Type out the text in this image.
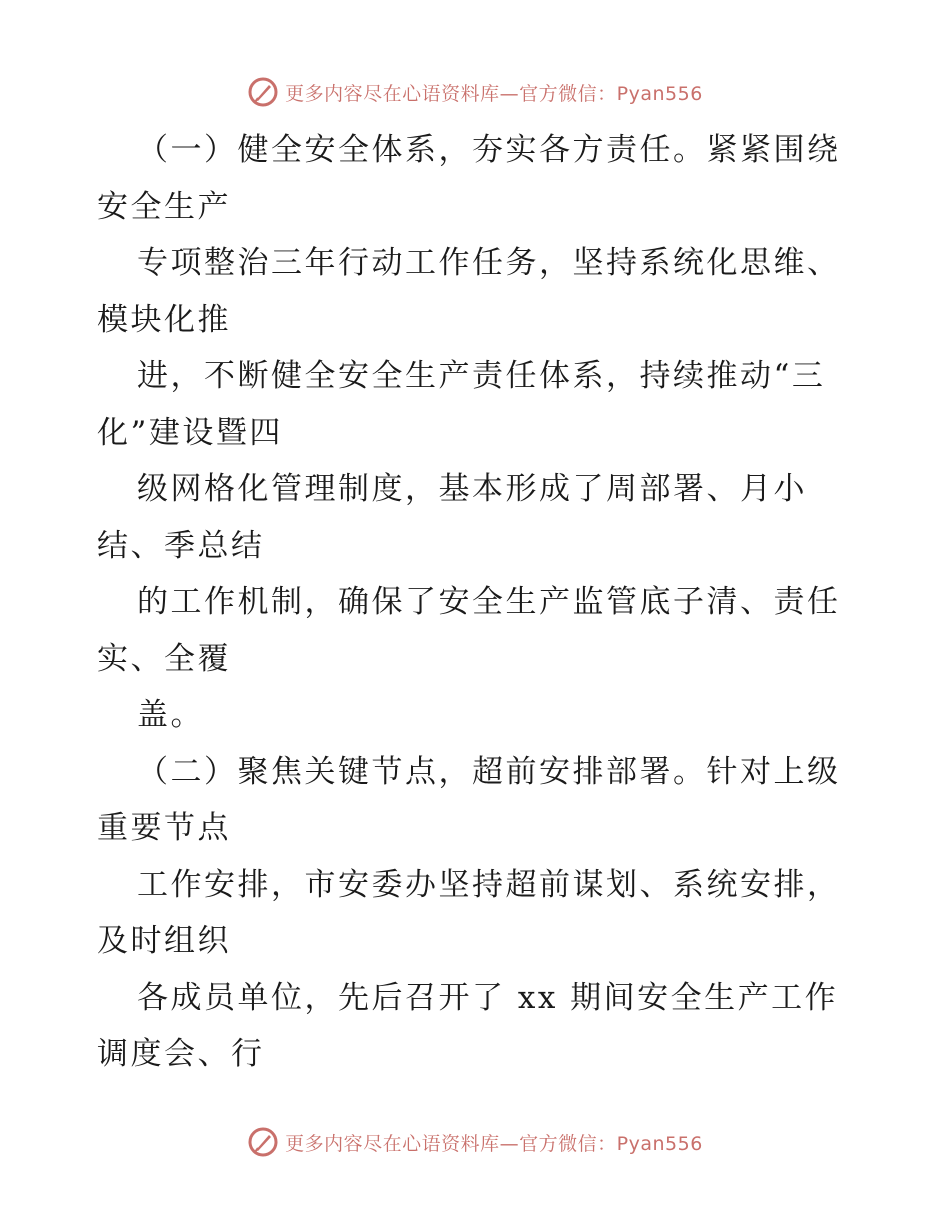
更多内容尽在心语资料库—官方微信：Pyan556
（一）健全安全体系，夯实各方责任。紧紧围绕
安全生产
专项整治三年行动工作任务，坚持系统化思维、
模块化推
进，不断健全安全生产责任体系，持续推动“三
化”建设暨四
级网格化管理制度，基本形成了周部署、月小
结、季总结
的工作机制，确保了安全生产监管底子清、责任
实、全覆
盖。
（二）聚焦关键节点，超前安排部署。针对上级
重要节点
工作安排，市安委办坚持超前谋划、系统安排，
及时组织
各成员单位，先后召开了 xx 期间安全生产工作
调度会、行
更多内容尽在心语资料库—官方微信：Pyan556
